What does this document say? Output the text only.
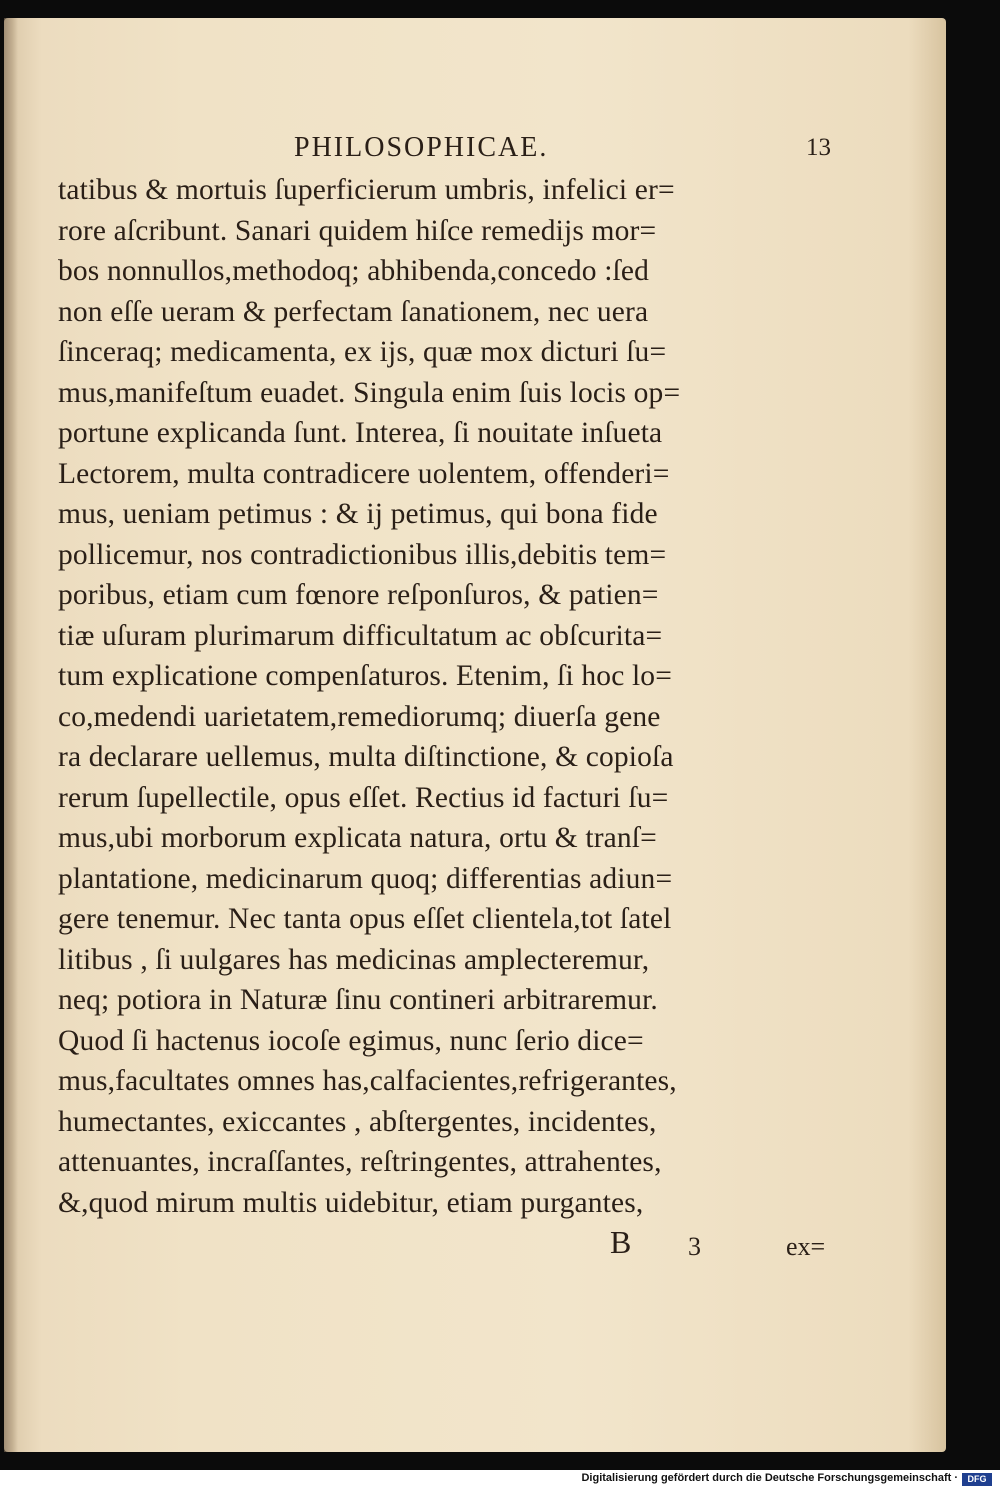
PHILOSOPHICAE.	13
tatibus & mortuis ſuperficierum umbris, infelici er=
rore aſcribunt. Sanari quidem hiſce remedijs mor=
bos nonnullos,methodoq; abhibenda,concedo :ſed
non eſſe ueram & perfectam ſanationem, nec uera
ſinceraq; medicamenta, ex ijs, quæ mox dicturi ſu=
mus,manifeſtum euadet. Singula enim ſuis locis op=
portune explicanda ſunt. Interea, ſi nouitate inſueta
Lectorem, multa contradicere uolentem, offenderi=
mus, ueniam petimus : & ij petimus, qui bona fide
pollicemur, nos contradictionibus illis,debitis tem=
poribus, etiam cum fœnore reſponſuros, & patien=
tiæ uſuram plurimarum difficultatum ac obſcurita=
tum explicatione compenſaturos. Etenim, ſi hoc lo=
co,medendi uarietatem,remediorumq; diuerſa gene
ra declarare uellemus, multa diſtinctione, & copioſa
rerum ſupellectile, opus eſſet. Rectius id facturi ſu=
mus,ubi morborum explicata natura, ortu & tranſ=
plantatione, medicinarum quoq; differentias adiun=
gere tenemur. Nec tanta opus eſſet clientela,tot ſatel
litibus , ſi uulgares has medicinas amplecteremur,
neq; potiora in Naturæ ſinu contineri arbitraremur.
Quod ſi hactenus iocoſe egimus, nunc ſerio dice=
mus,facultates omnes has,calfacientes,refrigerantes,
humectantes, exiccantes , abſtergentes, incidentes,
attenuantes, incraſſantes, reſtringentes, attrahentes,
&,quod mirum multis uidebitur, etiam purgantes,
B 3	ex=
Digitalisierung gefördert durch die Deutsche Forschungsgemeinschaft ·	DFG
